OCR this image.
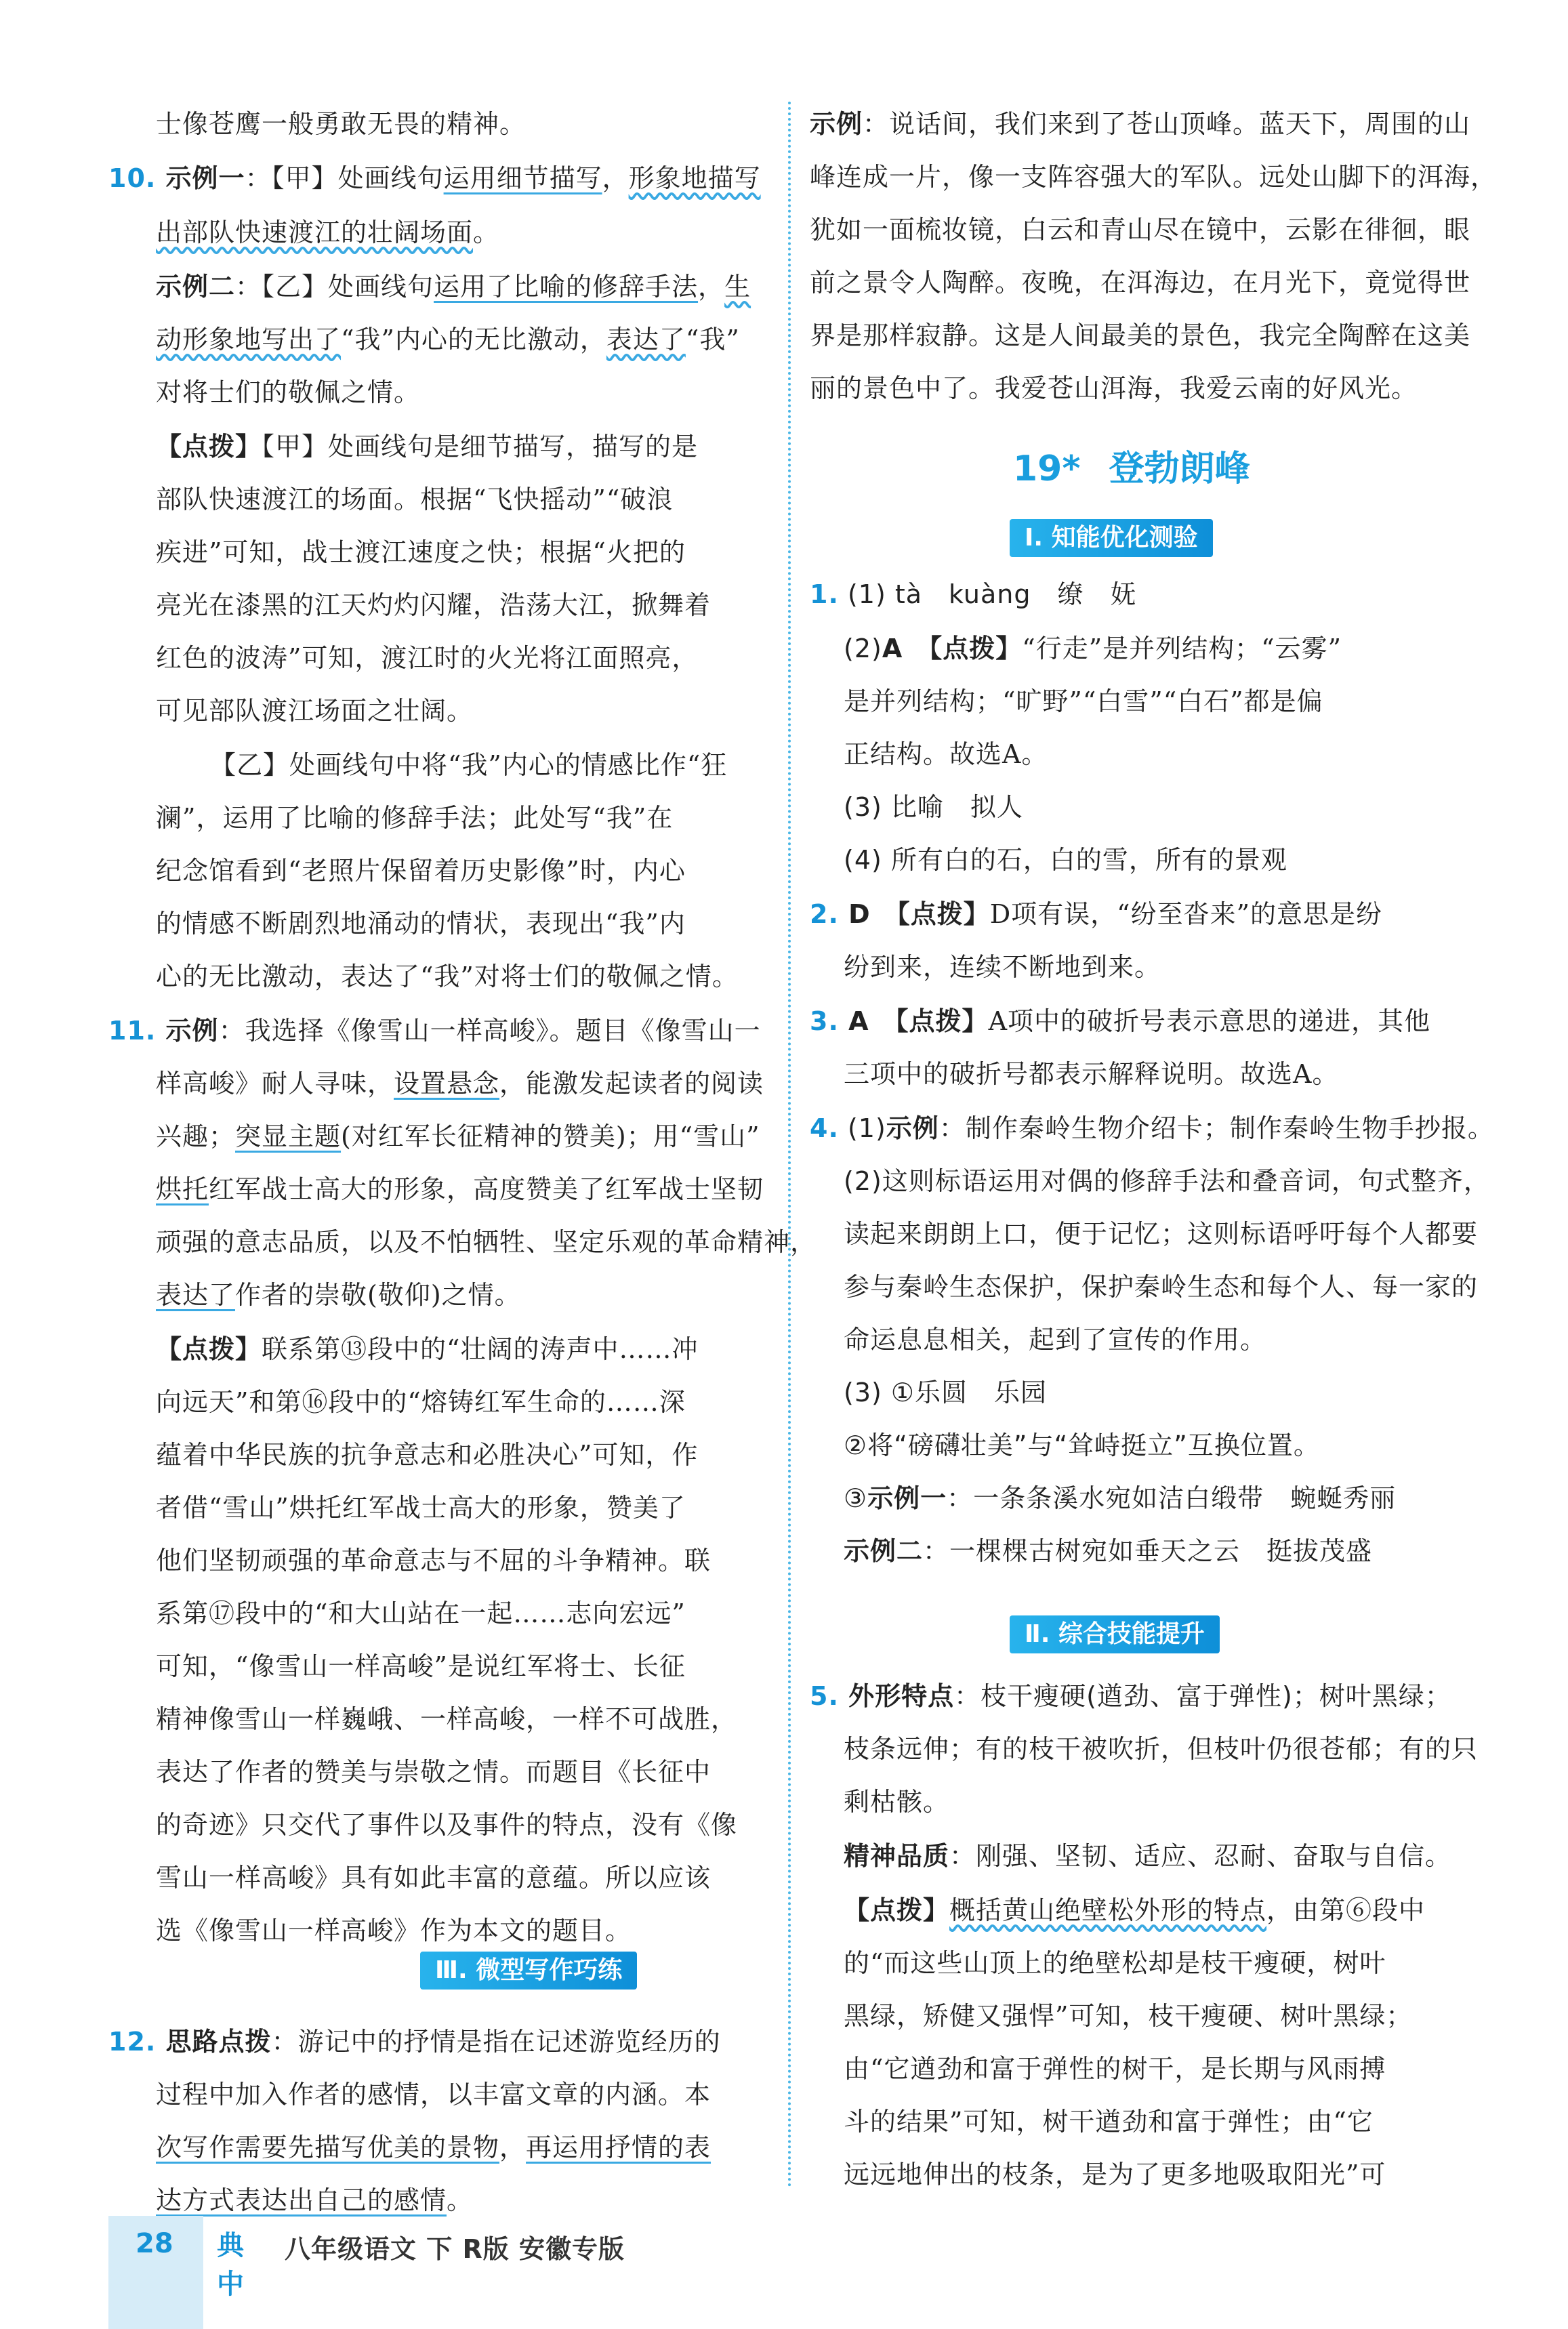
士像苍鹰一般勇敢无畏的精神。
10. 示例一：【甲】处画线句运用细节描写，形象地描写
出部队快速渡江的壮阔场面。
示例二：【乙】处画线句运用了比喻的修辞手法，生
动形象地写出了“我”内心的无比激动，表达了“我”
对将士们的敬佩之情。
【点拨】【甲】处画线句是细节描写，描写的是
部队快速渡江的场面。根据“飞快摇动”“破浪
疾进”可知，战士渡江速度之快；根据“火把的
亮光在漆黑的江天灼灼闪耀，浩荡大江，掀舞着
红色的波涛”可知，渡江时的火光将江面照亮，
可见部队渡江场面之壮阔。
【乙】处画线句中将“我”内心的情感比作“狂
澜”，运用了比喻的修辞手法；此处写“我”在
纪念馆看到“老照片保留着历史影像”时，内心
的情感不断剧烈地涌动的情状，表现出“我”内
心的无比激动，表达了“我”对将士们的敬佩之情。
11. 示例：我选择《像雪山一样高峻》。题目《像雪山一
样高峻》耐人寻味，设置悬念，能激发起读者的阅读
兴趣；突显主题(对红军长征精神的赞美)；用“雪山”
烘托红军战士高大的形象，高度赞美了红军战士坚韧
顽强的意志品质，以及不怕牺牲、坚定乐观的革命精神，
表达了作者的崇敬(敬仰)之情。
【点拨】联系第⑬段中的“壮阔的涛声中……冲
向远天”和第⑯段中的“熔铸红军生命的……深
蕴着中华民族的抗争意志和必胜决心”可知，作
者借“雪山”烘托红军战士高大的形象，赞美了
他们坚韧顽强的革命意志与不屈的斗争精神。联
系第⑰段中的“和大山站在一起……志向宏远”
可知，“像雪山一样高峻”是说红军将士、长征
精神像雪山一样巍峨、一样高峻，一样不可战胜，
表达了作者的赞美与崇敬之情。而题目《长征中
的奇迹》只交代了事件以及事件的特点，没有《像
雪山一样高峻》具有如此丰富的意蕴。所以应该
选《像雪山一样高峻》作为本文的题目。
12. 思路点拨：游记中的抒情是指在记述游览经历的
过程中加入作者的感情，以丰富文章的内涵。本
次写作需要先描写优美的景物，再运用抒情的表
达方式表达出自己的感情。
示例：说话间，我们来到了苍山顶峰。蓝天下，周围的山
峰连成一片，像一支阵容强大的军队。远处山脚下的洱海，
犹如一面梳妆镜，白云和青山尽在镜中，云影在徘徊，眼
前之景令人陶醉。夜晚，在洱海边，在月光下，竟觉得世
界是那样寂静。这是人间最美的景色，我完全陶醉在这美
丽的景色中了。我爱苍山洱海，我爱云南的好风光。
1. (1) tà　kuàng　缭　妩
(2)A　 【点拨】“行走”是并列结构；“云雾”
是并列结构；“旷野”“白雪”“白石”都是偏
正结构。故选A。
(3) 比喻　拟人
(4) 所有白的石，白的雪，所有的景观
2. D　 【点拨】D项有误，“纷至沓来”的意思是纷
纷到来，连续不断地到来。
3. A　 【点拨】A项中的破折号表示意思的递进，其他
三项中的破折号都表示解释说明。故选A。
4. (1)示例：制作秦岭生物介绍卡；制作秦岭生物手抄报。
(2)这则标语运用对偶的修辞手法和叠音词，句式整齐，
读起来朗朗上口，便于记忆；这则标语呼吁每个人都要
参与秦岭生态保护，保护秦岭生态和每个人、每一家的
命运息息相关，起到了宣传的作用。
(3) ①乐圆　乐园
②将“磅礴壮美”与“耸峙挺立”互换位置。
③示例一：一条条溪水宛如洁白缎带　蜿蜒秀丽
示例二：一棵棵古树宛如垂天之云　挺拔茂盛
5. 外形特点：枝干瘦硬(遒劲、富于弹性)；树叶黑绿；
枝条远伸；有的枝干被吹折，但枝叶仍很苍郁；有的只
剩枯骸。
精神品质：刚强、坚韧、适应、忍耐、奋取与自信。
【点拨】概括黄山绝壁松外形的特点，由第⑥段中
的“而这些山顶上的绝壁松却是枝干瘦硬，树叶
黑绿，矫健又强悍”可知，枝干瘦硬、树叶黑绿；
由“它遒劲和富于弹性的树干，是长期与风雨搏
斗的结果”可知，树干遒劲和富于弹性；由“它
远远地伸出的枝条，是为了更多地吸取阳光”可
Ⅲ. 微型写作巧练
19* 登勃朗峰
Ⅰ. 知能优化测验
Ⅱ. 综合技能提升
28 典中
八年级语文 下 R版 安徽专版
